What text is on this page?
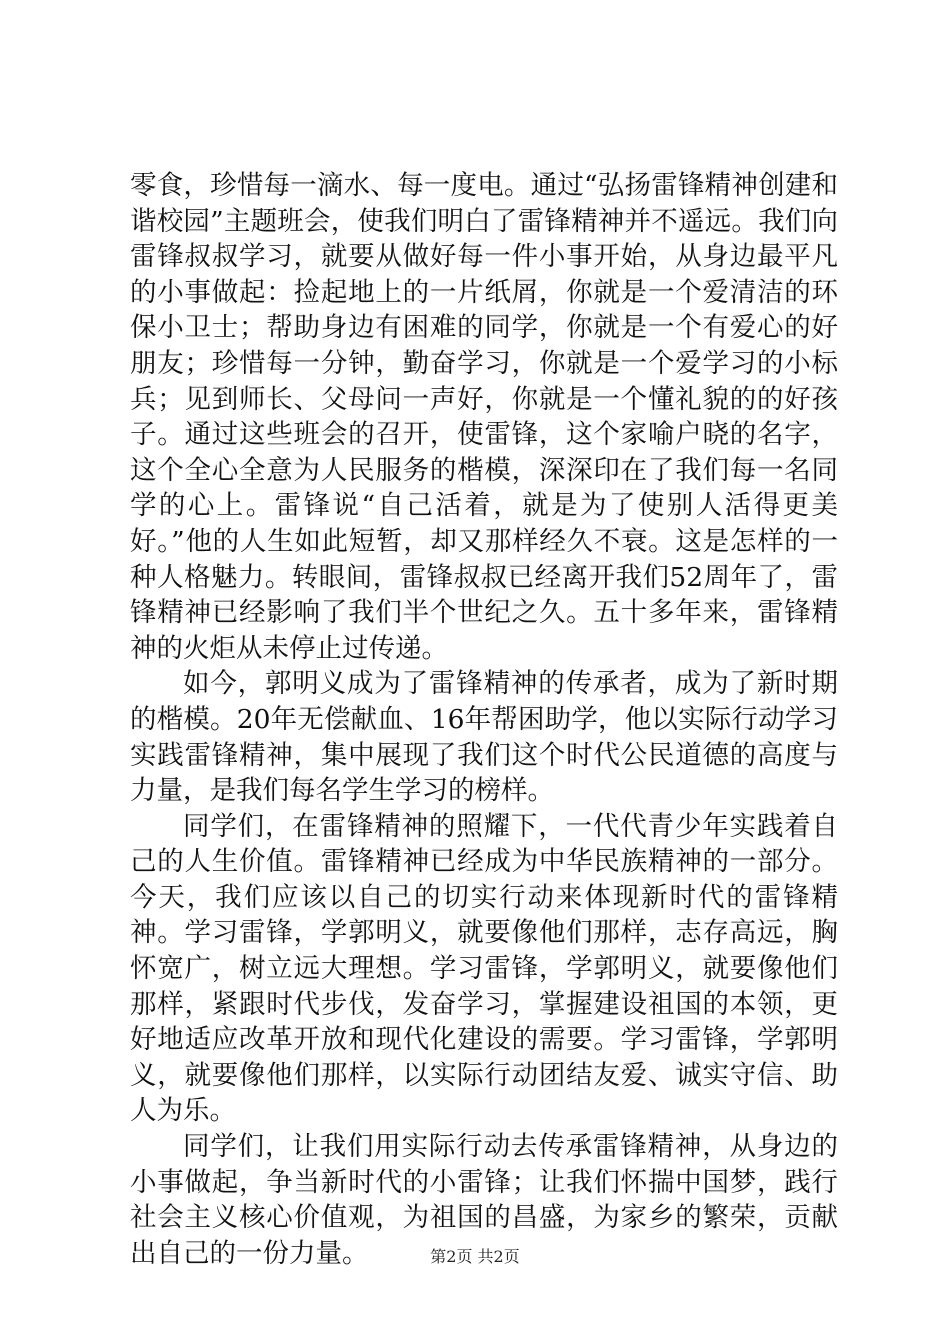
零食，珍惜每一滴水、每一度电。通过“弘扬雷锋精神创建和谐校园”主题班会，使我们明白了雷锋精神并不遥远。我们向雷锋叔叔学习，就要从做好每一件小事开始，从身边最平凡的小事做起：捡起地上的一片纸屑，你就是一个爱清洁的环保小卫士；帮助身边有困难的同学，你就是一个有爱心的好朋友；珍惜每一分钟，勤奋学习，你就是一个爱学习的小标兵；见到师长、父母问一声好，你就是一个懂礼貌的的好孩子。通过这些班会的召开，使雷锋，这个家喻户晓的名字，这个全心全意为人民服务的楷模，深深印在了我们每一名同学的心上。雷锋说“自己活着，就是为了使别人活得更美好。”他的人生如此短暂，却又那样经久不衰。这是怎样的一种人格魅力。转眼间，雷锋叔叔已经离开我们52周年了，雷锋精神已经影响了我们半个世纪之久。五十多年来，雷锋精神的火炬从未停止过传递。

如今，郭明义成为了雷锋精神的传承者，成为了新时期的楷模。20年无偿献血、16年帮困助学，他以实际行动学习实践雷锋精神，集中展现了我们这个时代公民道德的高度与力量，是我们每名学生学习的榜样。

同学们，在雷锋精神的照耀下，一代代青少年实践着自己的人生价值。雷锋精神已经成为中华民族精神的一部分。今天，我们应该以自己的切实行动来体现新时代的雷锋精神。学习雷锋，学郭明义，就要像他们那样，志存高远，胸怀宽广，树立远大理想。学习雷锋，学郭明义，就要像他们那样，紧跟时代步伐，发奋学习，掌握建设祖国的本领，更好地适应改革开放和现代化建设的需要。学习雷锋，学郭明义，就要像他们那样，以实际行动团结友爱、诚实守信、助人为乐。

同学们，让我们用实际行动去传承雷锋精神，从身边的小事做起，争当新时代的小雷锋；让我们怀揣中国梦，践行社会主义核心价值观，为祖国的昌盛，为家乡的繁荣，贡献出自己的一份力量。	第2页 共2页
